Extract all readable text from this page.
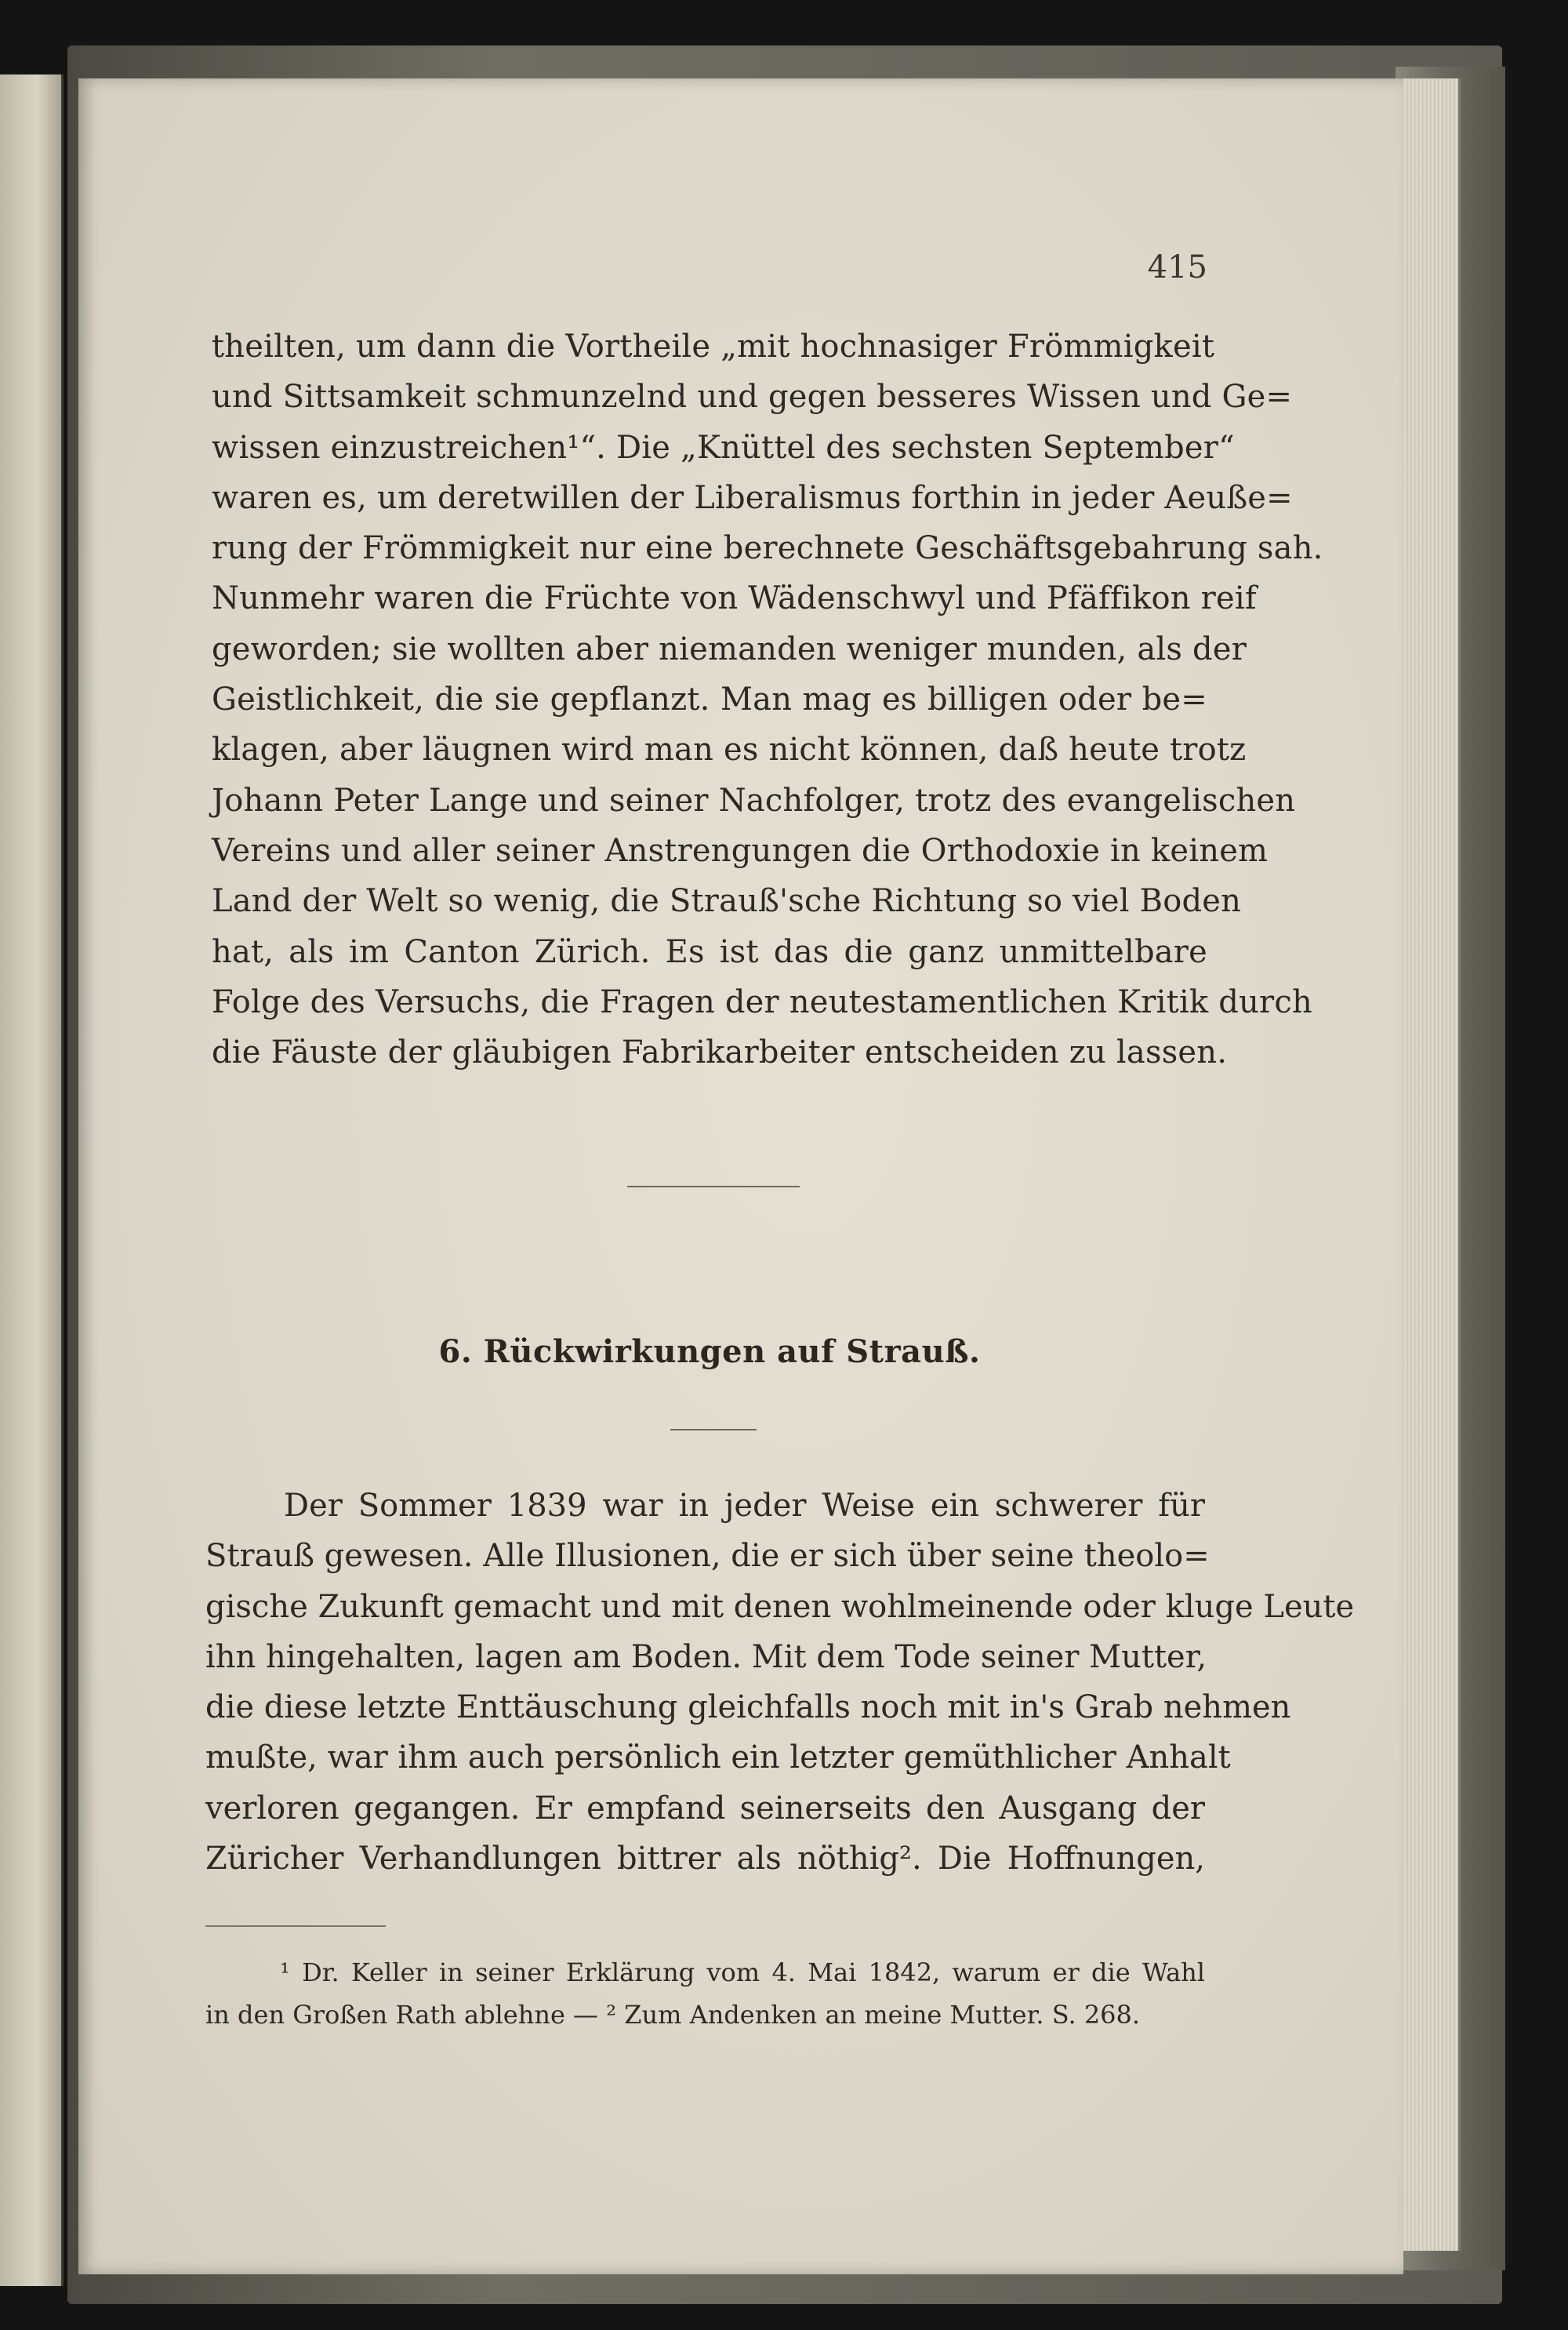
415
theilten, um dann die Vortheile „mit hochnasiger Frömmigkeit
und Sittsamkeit schmunzelnd und gegen besseres Wissen und Ge=
wissen einzustreichen¹“. Die „Knüttel des sechsten September“
waren es, um deretwillen der Liberalismus forthin in jeder Aeuße=
rung der Frömmigkeit nur eine berechnete Geschäftsgebahrung sah.
Nunmehr waren die Früchte von Wädenschwyl und Pfäffikon reif
geworden; sie wollten aber niemanden weniger munden, als der
Geistlichkeit, die sie gepflanzt. Man mag es billigen oder be=
klagen, aber läugnen wird man es nicht können, daß heute trotz
Johann Peter Lange und seiner Nachfolger, trotz des evangelischen
Vereins und aller seiner Anstrengungen die Orthodoxie in keinem
Land der Welt so wenig, die Strauß'sche Richtung so viel Boden
hat, als im Canton Zürich. Es ist das die ganz unmittelbare
Folge des Versuchs, die Fragen der neutestamentlichen Kritik durch
die Fäuste der gläubigen Fabrikarbeiter entscheiden zu lassen.
6. Rückwirkungen auf Strauß.
Der Sommer 1839 war in jeder Weise ein schwerer für
Strauß gewesen. Alle Illusionen, die er sich über seine theolo=
gische Zukunft gemacht und mit denen wohlmeinende oder kluge Leute
ihn hingehalten, lagen am Boden. Mit dem Tode seiner Mutter,
die diese letzte Enttäuschung gleichfalls noch mit in's Grab nehmen
mußte, war ihm auch persönlich ein letzter gemüthlicher Anhalt
verloren gegangen. Er empfand seinerseits den Ausgang der
Züricher Verhandlungen bittrer als nöthig². Die Hoffnungen,
¹ Dr. Keller in seiner Erklärung vom 4. Mai 1842, warum er die Wahl
in den Großen Rath ablehne — ² Zum Andenken an meine Mutter. S. 268.
